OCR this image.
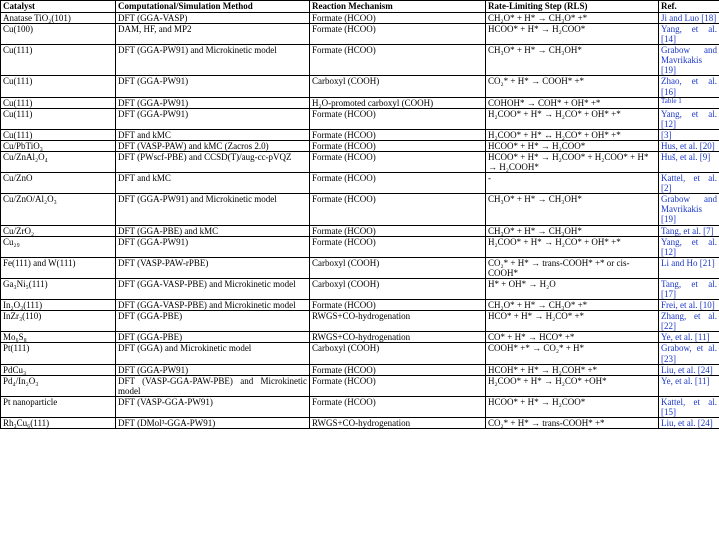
Catalyst	Computational/Simulation Method	Reaction Mechanism	Rate-Limiting Step (RLS)	Ref.
Anatase TiO₂(101)	DFT (GGA-VASP)	Formate (HCOO)	CH₂O* + H* → CH₃O* +*	Ji and Luo [18]
Cu(100)	DAM, HF, and MP2	Formate (HCOO)	HCOO* + H* → H₂COO*	Yang, et al. [14]
Cu(111)	DFT (GGA-PW91) and Microkinetic model	Formate (HCOO)	CH₃O* + H* → CH₃OH*	Grabow and Mavrikakis [19]
Cu(111)	DFT (GGA-PW91)	Carboxyl (COOH)	CO₂* + H* → COOH* +*	Zhao, et al. [16]
Cu(111)	DFT (GGA-PW91)	H₂O-promoted carboxyl (COOH)	COHOH* → COH* + OH* +*	Table 1
Cu(111)	DFT (GGA-PW91)	Formate (HCOO)	H₂COO* + H* → H₂CO* + OH* +*	Yang, et al. [12]
Cu(111)	DFT and kMC	Formate (HCOO)	H₂COO* + H* ↔ H₂CO* + OH* +*	[3]
Cu/PbTiO₃	DFT (VASP-PAW) and kMC (Zacros 2.0)	Formate (HCOO)	HCOO* + H* → H₂COO*	Hus, et al. [20]
Cu/ZnAl₂O₄	DFT (PWscf-PBE) and CCSD(T)/aug-cc-pVQZ	Formate (HCOO)	HCOO* + H* → H₂COO* + H₂COO* + H* → H₂COOH*	Huš, et al. [9]
Cu/ZnO	DFT and kMC	Formate (HCOO)	-	Kattel, et al. [2]
Cu/ZnO/Al₂O₃	DFT (GGA-PW91) and Microkinetic model	Formate (HCOO)	CH₃O* + H* → CH₃OH*	Grabow and Mavrikakis [19]
Cu/ZrO₂	DFT (GGA-PBE) and kMC	Formate (HCOO)	CH₃O* + H* → CH₃OH*	Tang, et al. [7]
Cu₂₉	DFT (GGA-PW91)	Formate (HCOO)	H₂COO* + H* → H₂CO* + OH* +*	Yang, et al. [12]
Fe(111) and W(111)	DFT (VASP-PAW-rPBE)	Carboxyl (COOH)	CO₂* + H* → trans-COOH* +* or cis-COOH*	Li and Ho [21]
Ga₃Ni₅(111)	DFT (GGA-VASP-PBE) and Microkinetic model	Carboxyl (COOH)	H* + OH* → H₂O	Tang, et al. [17]
In₂O₃(111)	DFT (GGA-VASP-PBE) and Microkinetic model	Formate (HCOO)	CH₂O* + H* → CH₃O* +*	Frei, et al. [10]
InZr₃(110)	DFT (GGA-PBE)	RWGS+CO-hydrogenation	HCO* + H* → H₂CO* +*	Zhang, et al. [22]
Mo₆S₈	DFT (GGA-PBE)	RWGS+CO-hydrogenation	CO* + H* → HCO* +*	Ye, et al. [11]
Pt(111)	DFT (GGA) and Microkinetic model	Carboxyl (COOH)	COOH* +* → CO₂* + H*	Grabow, et al. [23]
PdCu₃	DFT (GGA-PW91)	Formate (HCOO)	HCOH* + H* → H₂COH* +*	Liu, et al. [24]
Pd₄/In₂O₃	DFT (VASP-GGA-PAW-PBE) and Microkinetic model	Formate (HCOO)	H₂COO* + H* → H₂CO* +OH*	Ye, et al. [11]
Pt nanoparticle	DFT (VASP-GGA-PW91)	Formate (HCOO)	HCOO* + H* → H₂COO*	Kattel, et al. [15]
Rh₃Cu₆(111)	DFT (DMol³-GGA-PW91)	RWGS+CO-hydrogenation	CO₂* + H* → trans-COOH* +*	Liu, et al. [24]
